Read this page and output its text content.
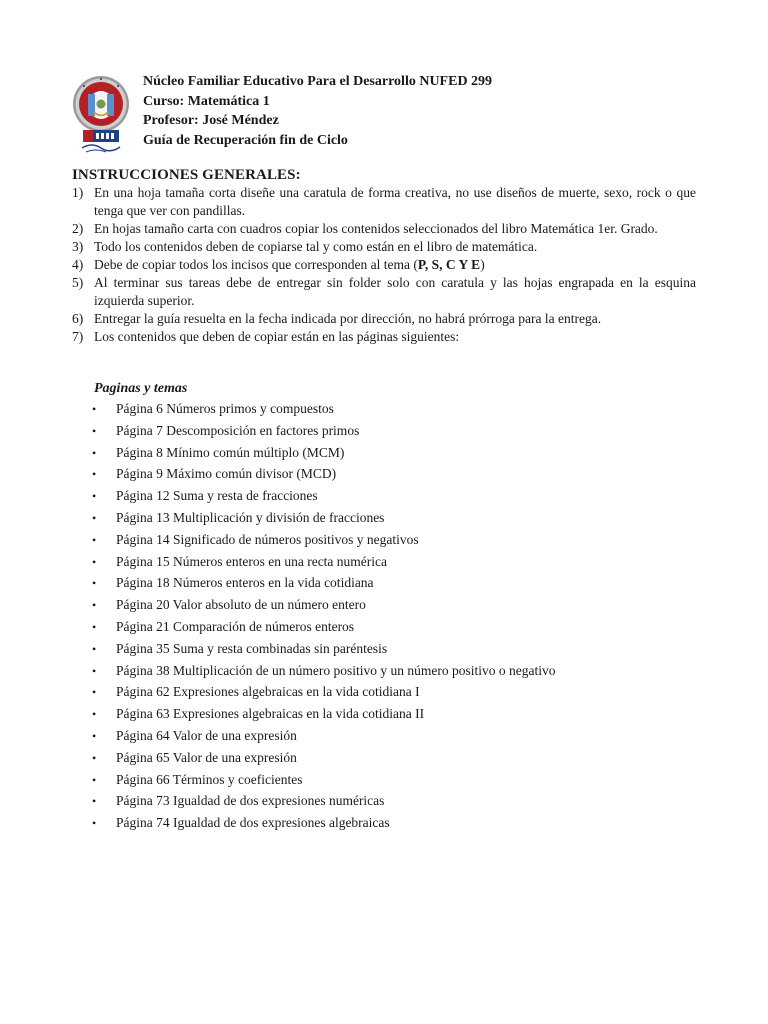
Núcleo Familiar Educativo Para el Desarrollo NUFED 299
Curso: Matemática 1
Profesor: José Méndez
Guía de Recuperación fin de Ciclo
INSTRUCCIONES GENERALES:
1) En una hoja tamaña corta diseñe una caratula de forma creativa, no use diseños de muerte, sexo, rock o que tenga que ver con pandillas.
2) En hojas tamaño carta con cuadros copiar los contenidos seleccionados del libro Matemática 1er. Grado.
3) Todo los contenidos deben de copiarse tal y como están en el libro de matemática.
4) Debe de copiar todos los incisos que corresponden al tema (P, S, C Y E)
5) Al terminar sus tareas debe de entregar sin folder solo con caratula y las hojas engrapada en la esquina izquierda superior.
6) Entregar la guía resuelta en la fecha indicada por dirección, no habrá prórroga para la entrega.
7) Los contenidos que deben de copiar están en las páginas siguientes:
Paginas y temas
• Página 6 Números primos y compuestos
• Página 7 Descomposición en factores primos
• Página 8 Mínimo común múltiplo (MCM)
• Página 9 Máximo común divisor (MCD)
• Página 12 Suma y resta de fracciones
• Página 13 Multiplicación y división de fracciones
• Página 14 Significado de números positivos y negativos
• Página 15 Números enteros en una recta numérica
• Página 18 Números enteros en la vida cotidiana
• Página 20 Valor absoluto de un número entero
• Página 21 Comparación de números enteros
• Página 35 Suma y resta combinadas sin paréntesis
• Página 38 Multiplicación de un número positivo y un número positivo o negativo
• Página 62 Expresiones algebraicas en la vida cotidiana I
• Página 63 Expresiones algebraicas en la vida cotidiana II
• Página 64 Valor de una expresión
• Página 65 Valor de una expresión
• Página 66 Términos y coeficientes
• Página 73 Igualdad de dos expresiones numéricas
• Página 74 Igualdad de dos expresiones algebraicas
